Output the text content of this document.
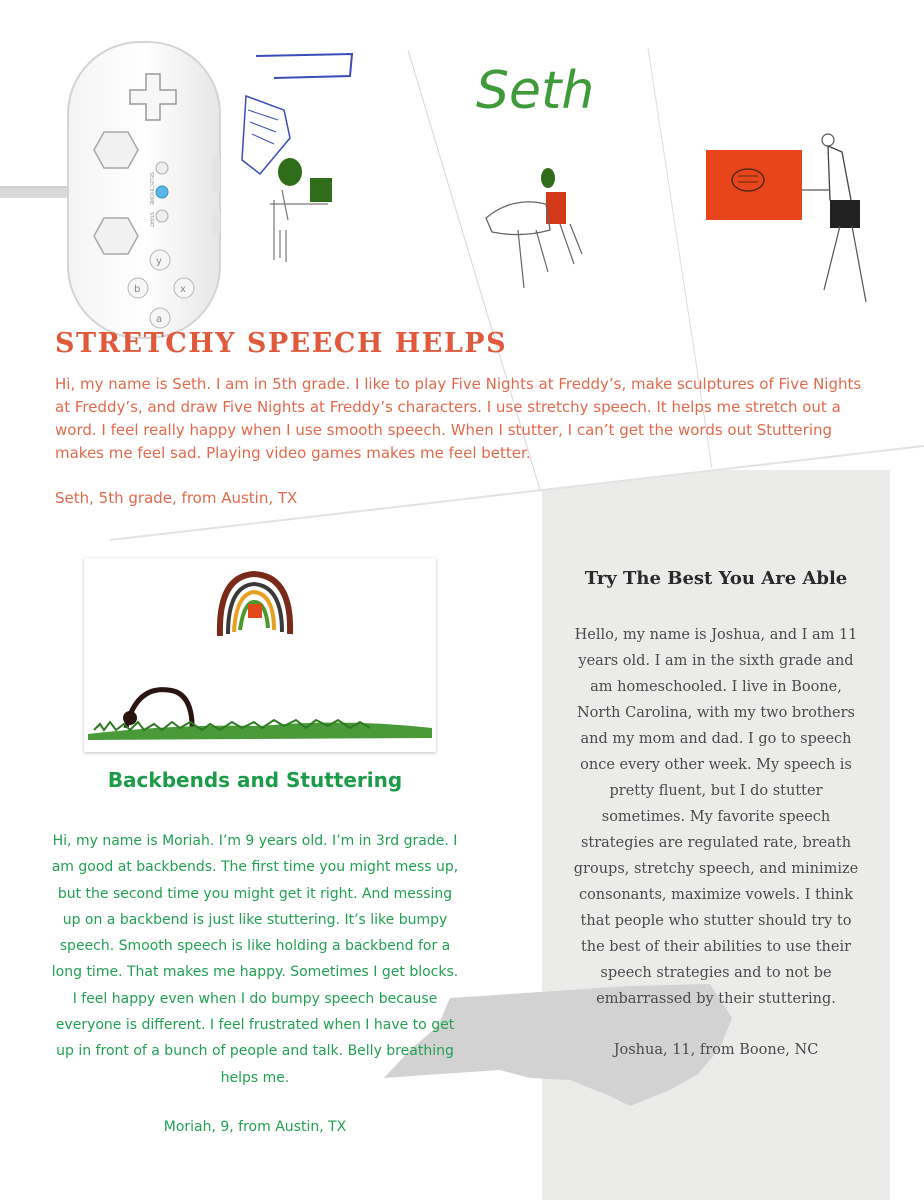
Seth
SELECT
HOME
START
y
b	x
a
STRETCHY SPEECH HELPS

Hi, my name is Seth. I am in 5th grade. I like to play Five Nights at Freddy’s, make sculptures of Five Nights at Freddy’s, and draw Five Nights at Freddy’s characters. I use stretchy speech. It helps me stretch out a word. I feel really happy when I use smooth speech. When I stutter, I can’t get the words out Stuttering makes me feel sad. Playing video games makes me feel better.

Seth, 5th grade, from Austin, TX

Backbends and Stuttering

Hi, my name is Moriah. I’m 9 years old. I’m in 3rd grade. I am good at backbends. The first time you might mess up, but the second time you might get it right. And messing up on a backbend is just like stuttering. It’s like bumpy speech. Smooth speech is like holding a backbend for a long time. That makes me happy. Sometimes I get blocks. I feel happy even when I do bumpy speech because everyone is different. I feel frustrated when I have to get up in front of a bunch of people and talk. Belly breathing helps me.

Moriah, 9, from Austin, TX

Try The Best You Are Able

Hello, my name is Joshua, and I am 11 years old. I am in the sixth grade and am homeschooled. I live in Boone, North Carolina, with my two brothers and my mom and dad. I go to speech once every other week. My speech is pretty fluent, but I do stutter sometimes. My favorite speech strategies are regulated rate, breath groups, stretchy speech, and minimize consonants, maximize vowels. I think that people who stutter should try to the best of their abilities to use their speech strategies and to not be embarrassed by their stuttering.

Joshua, 11, from Boone, NC
